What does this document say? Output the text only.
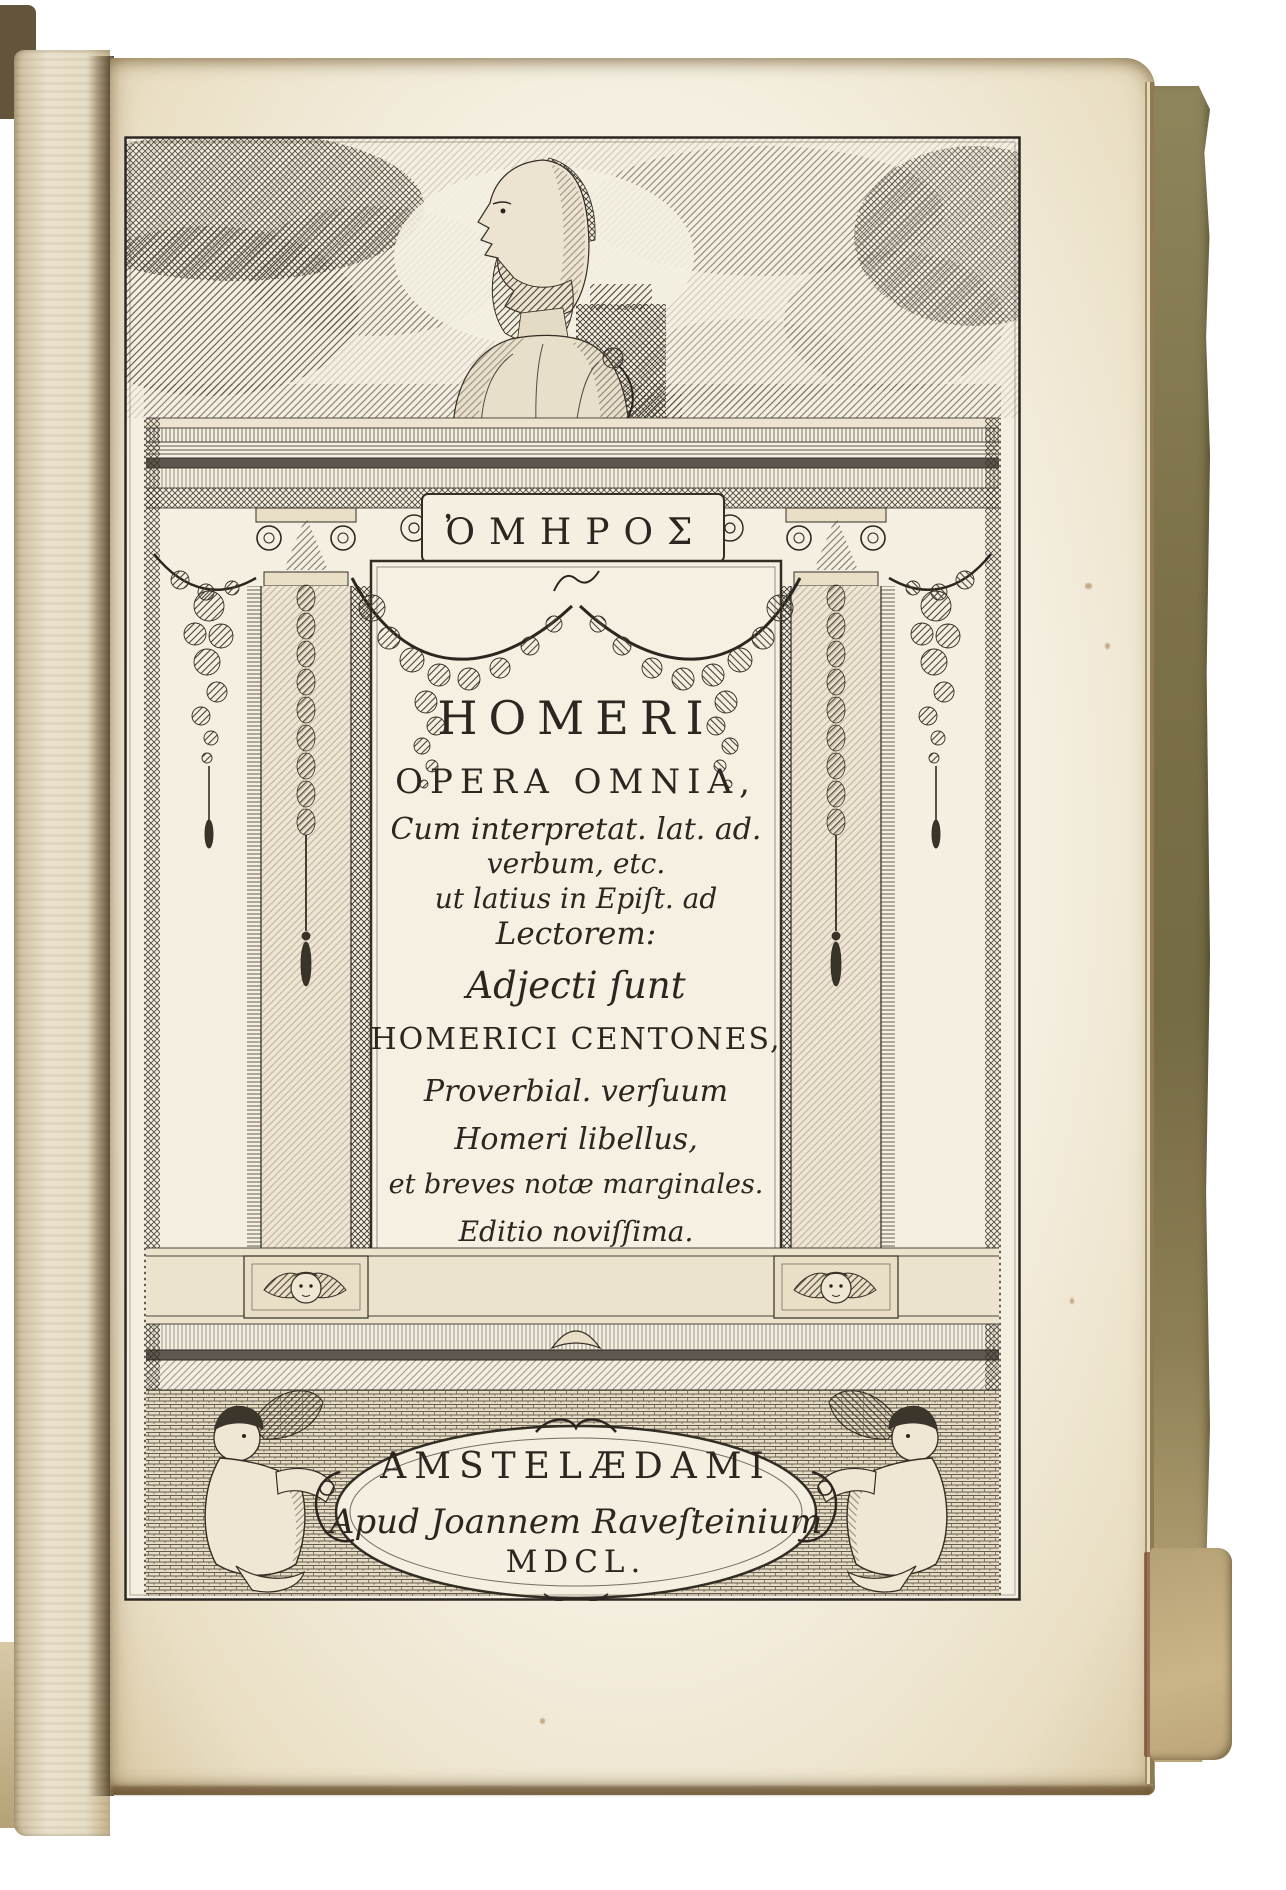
ὈΜΗΡΟΣ
HOMERI
OPERA OMNIA,
Cum interpretat. lat. ad.
verbum, etc.
ut latius in Epiſt. ad
Lectorem:
Adjecti ſunt
HOMERICI CENTONES,
Proverbial. verſuum
Homeri libellus,
et breves notæ marginales.
Editio noviſſima.
AMSTELÆDAMI
Apud Joannem Raveſteinium
MDCL.
